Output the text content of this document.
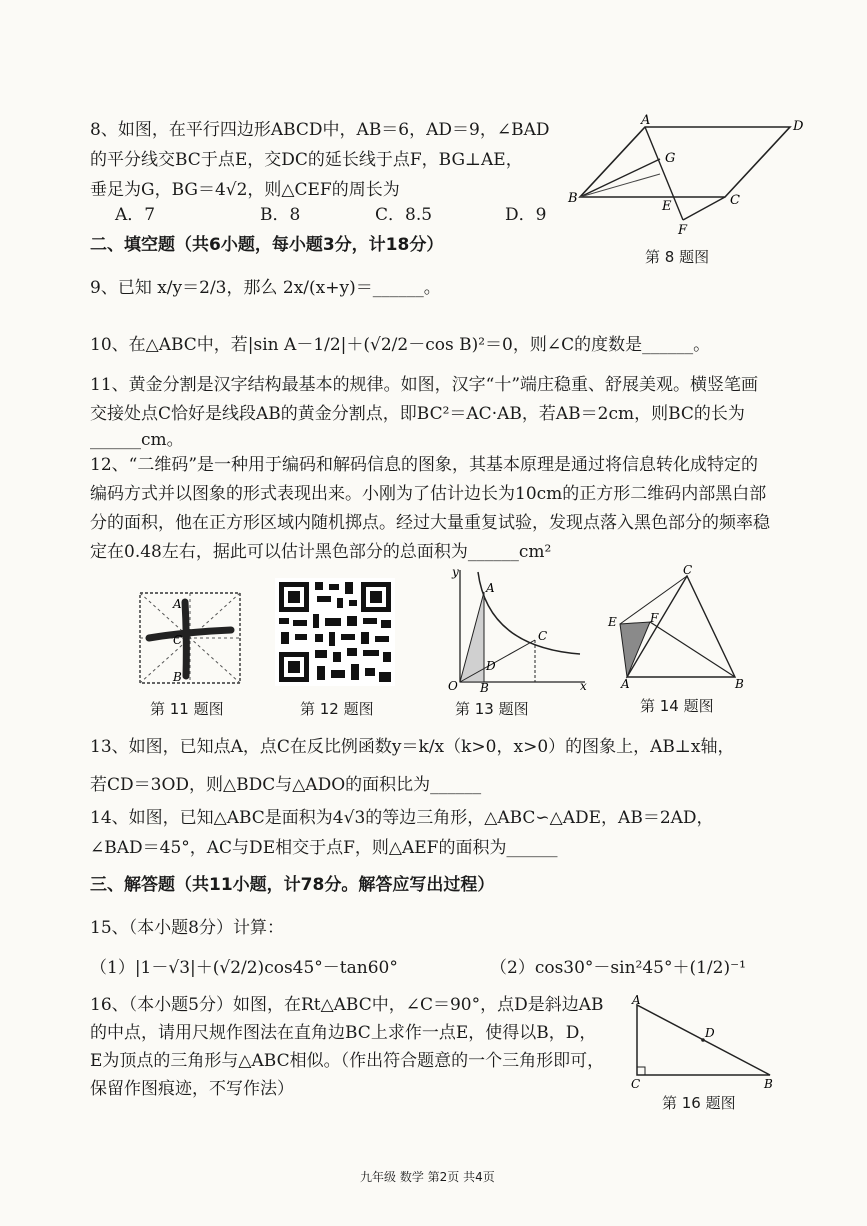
8、如图，在平行四边形ABCD中，AB＝6，AD＝9，∠BAD
的平分线交BC于点E，交DC的延长线于点F，BG⊥AE，
垂足为G，BG＝4√2，则△CEF的周长为
A．7	B．8	C．8.5	D．9
A	D
G
B
E	C
F
第 8 题图
二、填空题（共6小题，每小题3分，计18分）
9、已知 x/y＝2/3，那么 2x/(x+y)＝______。
10、在△ABC中，若|sin A－1/2|＋(√2/2－cos B)²＝0，则∠C的度数是______。
11、黄金分割是汉字结构最基本的规律。如图，汉字“十”端庄稳重、舒展美观。横竖笔画
交接处点C恰好是线段AB的黄金分割点，即BC²＝AC·AB，若AB＝2cm，则BC的长为
______cm。
12、“二维码”是一种用于编码和解码信息的图象，其基本原理是通过将信息转化成特定的
编码方式并以图象的形式表现出来。小刚为了估计边长为10cm的正方形二维码内部黑白部
分的面积，他在正方形区域内随机掷点。经过大量重复试验，发现点落入黑色部分的频率稳
定在0.48左右，据此可以估计黑色部分的总面积为______cm²
A
C
B
第 11 题图	第 12 题图
y
x
A
C
O B
D
第 13 题图
C
E	F
A	B
第 14 题图
13、如图，已知点A，点C在反比例函数y＝k/x（k>0，x>0）的图象上，AB⊥x轴，
若CD＝3OD，则△BDC与△ADO的面积比为______
14、如图，已知△ABC是面积为4√3的等边三角形，△ABC∽△ADE，AB＝2AD，
∠BAD＝45°，AC与DE相交于点F，则△AEF的面积为______
三、解答题（共11小题，计78分。解答应写出过程）
15、（本小题8分）计算：
（1）|1－√3|＋(√2/2)cos45°－tan60°	（2）cos30°－sin²45°＋(1/2)⁻¹
16、（本小题5分）如图，在Rt△ABC中，∠C＝90°，点D是斜边AB
的中点，请用尺规作图法在直角边BC上求作一点E，使得以B，D，
E为顶点的三角形与△ABC相似。（作出符合题意的一个三角形即可，
保留作图痕迹，不写作法）
A
D
C	B
第 16 题图
九年级 数学 第2页 共4页
